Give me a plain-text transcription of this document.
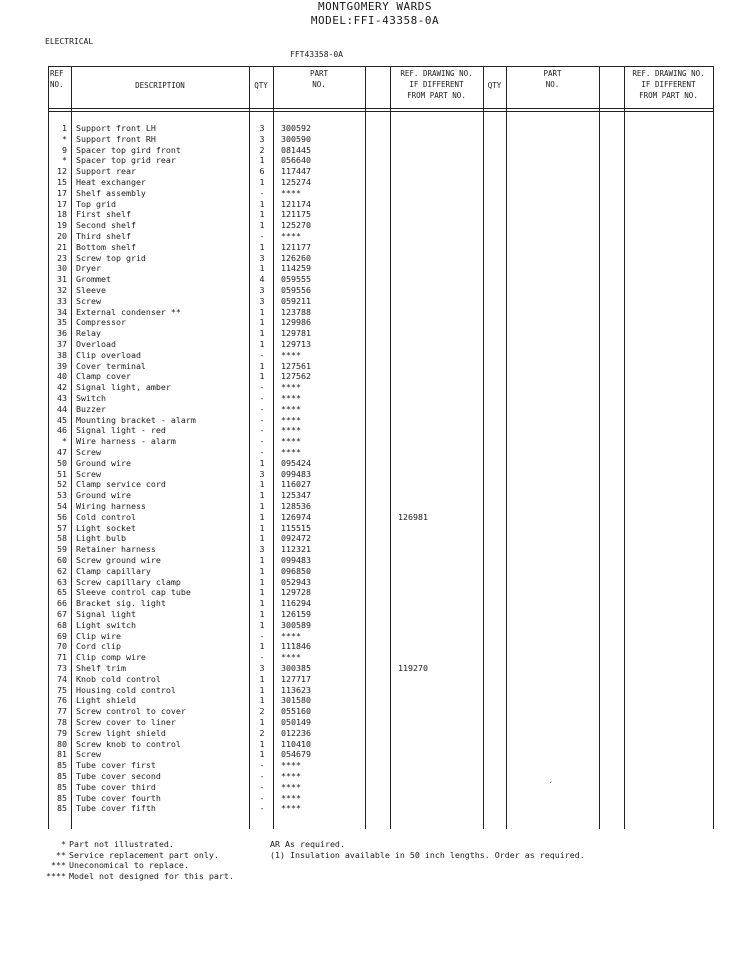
MONTGOMERY WARDS
MODEL:FFI-43358-0A
ELECTRICAL
FFT43358-0A
REF
NO.	DESCRIPTION	QTY
PART
NO.
REF. DRAWING NO.
IF DIFFERENT
FROM PART NO.
QTY
PART
NO.
REF. DRAWING NO.
IF DIFFERENT
FROM PART NO.
1 Support front LH	3	300592
* Support front RH	3	300590
9 Spacer top gird front	2	081445
* Spacer top grid rear	1	056640
12 Support rear	6	117447
15 Heat exchanger	1	125274
17 Shelf assembly	-	****
17 Top grid	1	121174
18 First shelf	1	121175
19 Second shelf	1	125270
20 Third shelf	-	****
21 Bottom shelf	1	121177
23 Screw top grid	3	126260
30 Dryer	1	114259
31 Grommet	4	059555
32 Sleeve	3	059556
33 Screw	3	059211
34 External condenser **	1	123788
35 Compressor	1	129986
36 Relay	1	129781
37 Overload	1	129713
38 Clip overload	-	****
39 Cover terminal	1	127561
40 Clamp cover	1	127562
42 Signal light, amber	-	****
43 Switch	-	****
44 Buzzer	-	****
45 Mounting bracket - alarm	-	****
46 Signal light - red	-	****
* Wire harness - alarm	-	****
47 Screw	-	****
50 Ground wire	1	095424
51 Screw	3	099483
52 Clamp service cord	1	116027
53 Ground wire	1	125347
54 Wiring harness	1	128536
56 Cold control	1	126974	126981
57 Light socket	1	115515
58 Light bulb	1	092472
59 Retainer harness	3	112321
60 Screw ground wire	1	099483
62 Clamp capillary	1	096850
63 Screw capillary clamp	1	052943
65 Sleeve control cap tube	1	129728
66 Bracket sig. light	1	116294
67 Signal light	1	126159
68 Light switch	1	300589
69 Clip wire	-	****
70 Cord clip	1	111846
71 Clip comp wire	-	****
73 Shelf trim	3	300385	119270
74 Knob cold control	1	127717
75 Housing cold control	1	113623
76 Light shield	1	301580
77 Screw control to cover	2	055160
78 Screw cover to liner	1	050149
79 Screw light shield	2	012236
80 Screw knob to control	1	110410
81 Screw	1	054679
85 Tube cover first	-	****
85 Tube cover second	-	****
85 Tube cover third	-	****
85 Tube cover fourth	-	****
85 Tube cover fifth	-	****
´
* Part not illustrated.
** Service replacement part only.
*** Uneconomical to replace.
**** Model not designed for this part.
AR As required.
(1) Insulation available in 50 inch lengths. Order as required.
